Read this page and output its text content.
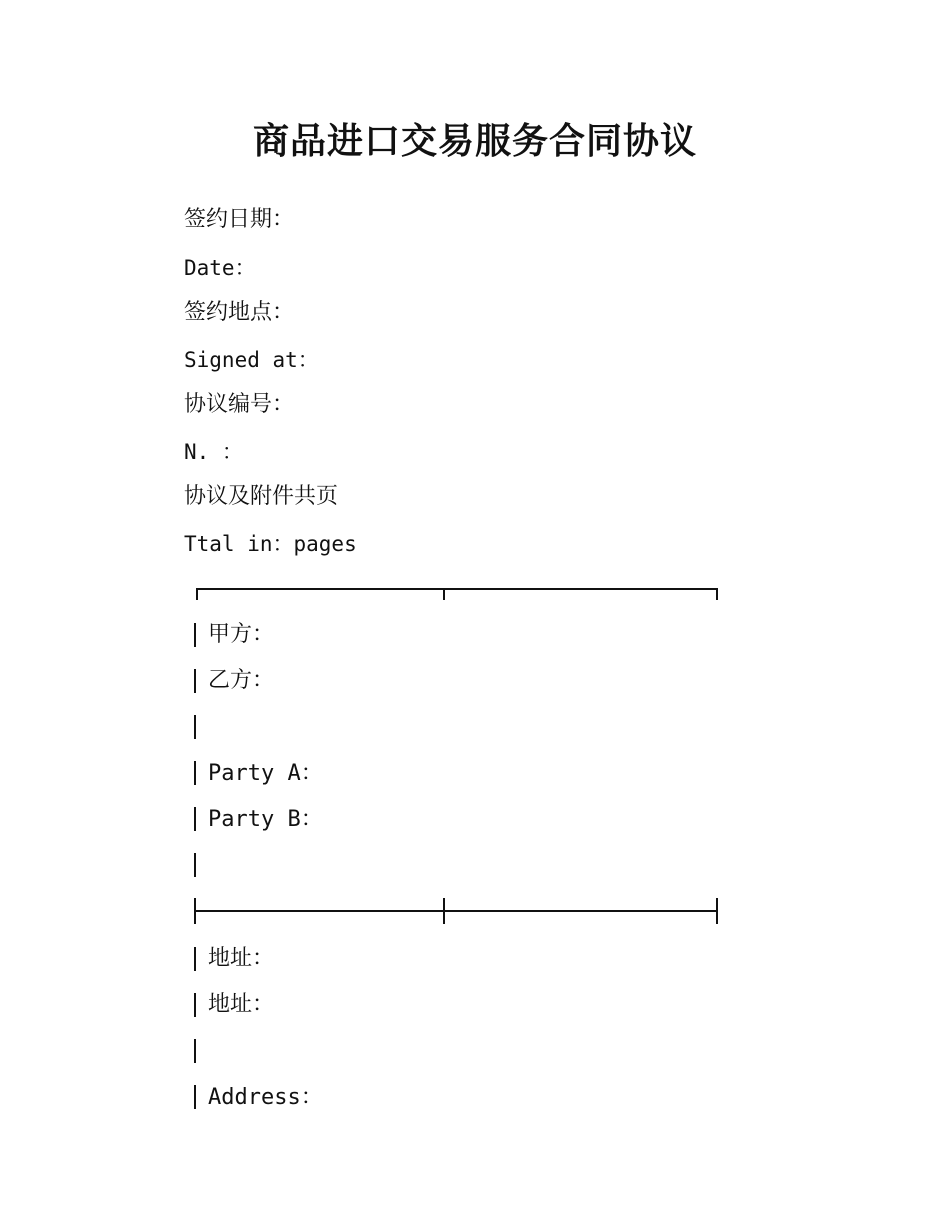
商品进口交易服务合同协议
签约日期：
Date：
签约地点：
Signed at：
协议编号：
N. ：
协议及附件共页
Ttal in：pages
甲方：
乙方：
Party A：
Party B：
地址：
地址：
Address：
